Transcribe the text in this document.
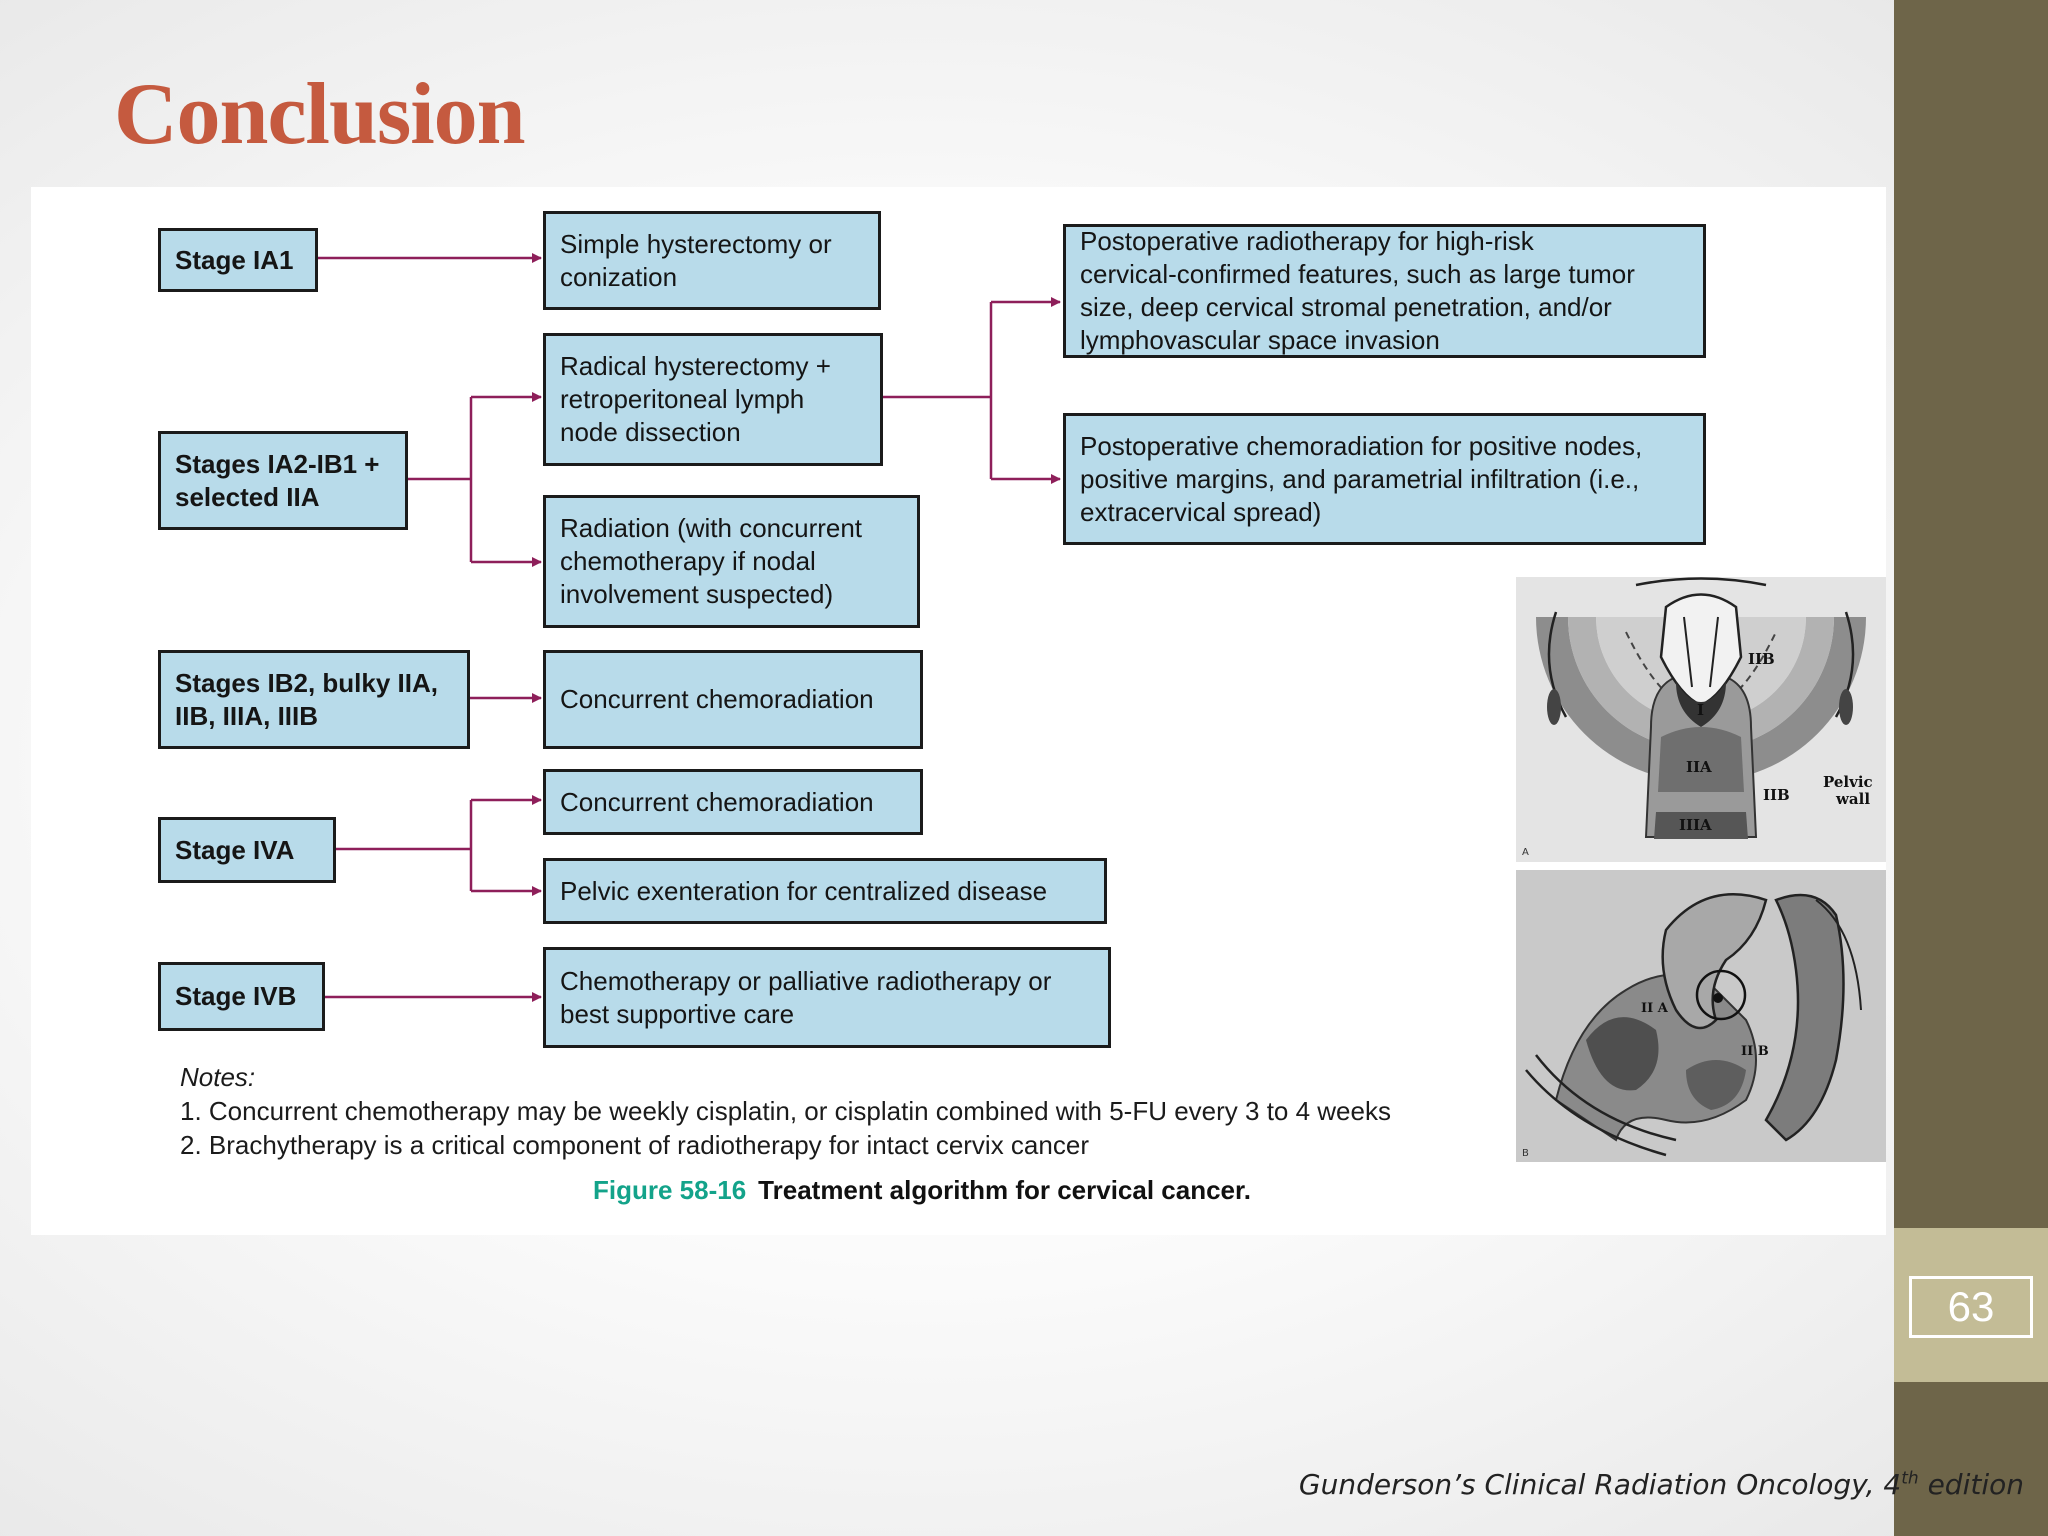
63
Conclusion
Stage IA1
Stages IA2-IB1 +
selected IIA
Stages IB2, bulky IIA,
IIB, IIIA, IIIB
Stage IVA
Stage IVB
Simple hysterectomy or
conization
Radical hysterectomy +
retroperitoneal lymph
node dissection
Radiation (with concurrent
chemotherapy if nodal
involvement suspected)
Concurrent chemoradiation
Concurrent chemoradiation
Pelvic exenteration for centralized disease
Chemotherapy or palliative radiotherapy or
best supportive care
Postoperative radiotherapy for high-risk
cervical-confirmed features, such as large tumor
size, deep cervical stromal penetration, and/or
lymphovascular space invasion
Postoperative chemoradiation for positive nodes,
positive margins, and parametrial infiltration (i.e.,
extracervical spread)
Notes:
1. Concurrent chemotherapy may be weekly cisplatin, or cisplatin combined with 5-FU every 3 to 4 weeks
2. Brachytherapy is a critical component of radiotherapy for intact cervix cancer
Figure 58-16 Treatment algorithm for cervical cancer.
I
IIA
IIB
IIB
IIIA
Pelvic
wall
A
II A
II B
B
Gunderson’s Clinical Radiation Oncology, 4th edition
